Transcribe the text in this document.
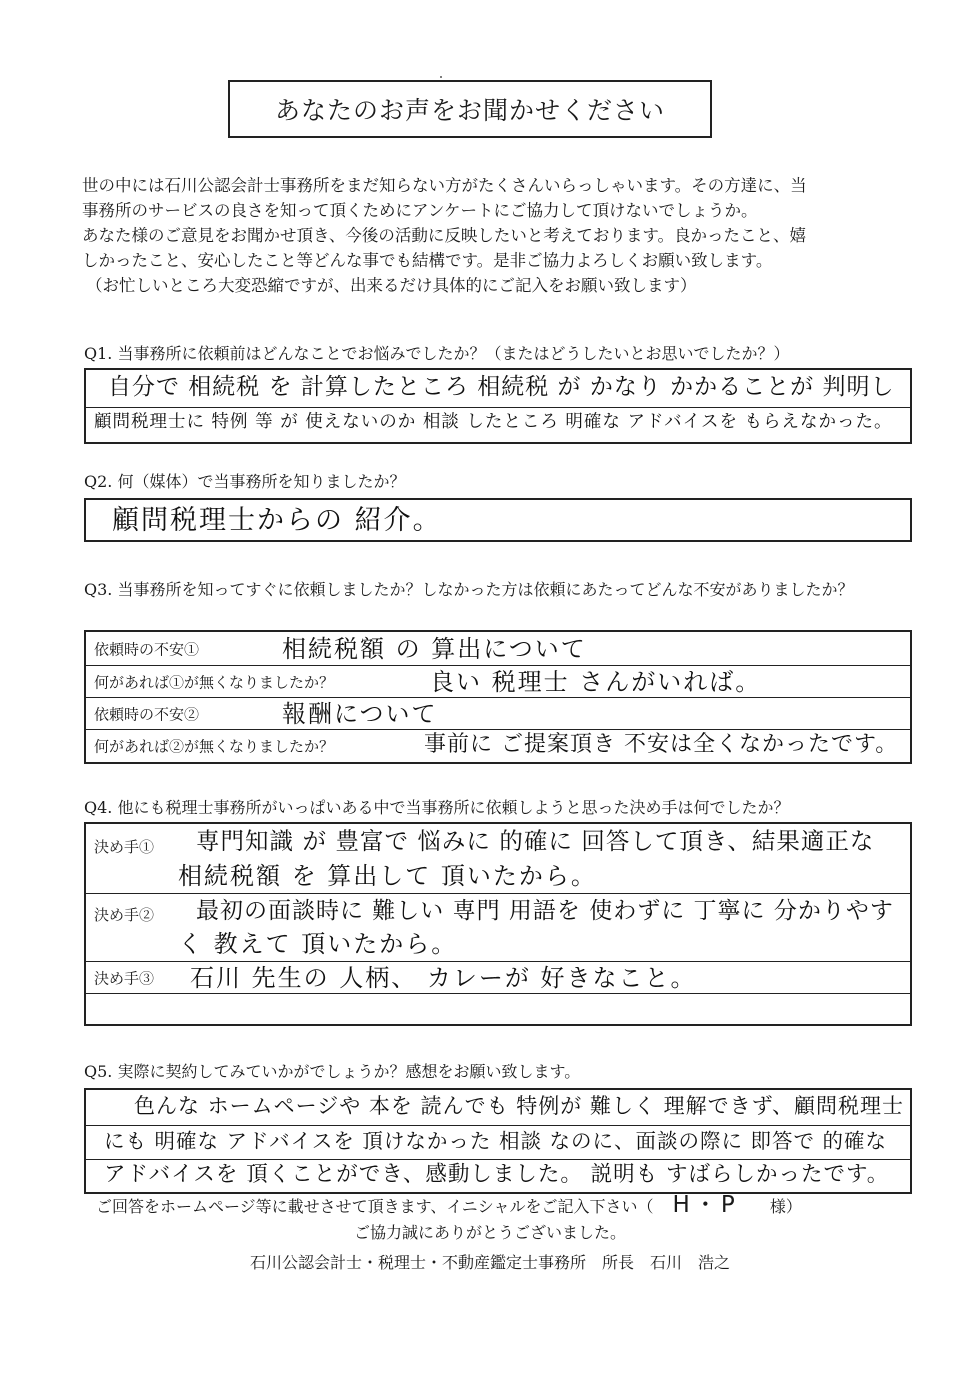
あなたのお声をお聞かせください

世の中には石川公認会計士事務所をまだ知らない方がたくさんいらっしゃいます。その方達に、当

事務所のサービスの良さを知って頂くためにアンケートにご協力して頂けないでしょうか。

あなた様のご意見をお聞かせ頂き、今後の活動に反映したいと考えております。良かったこと、嬉

しかったこと、安心したこと等どんな事でも結構です。是非ご協力よろしくお願い致します。

（お忙しいところ大変恐縮ですが、出来るだけ具体的にご記入をお願い致します）

Q1. 当事務所に依頼前はどんなことでお悩みでしたか？（またはどうしたいとお思いでしたか？）
自分で 相続税 を 計算したところ 相続税 が かなり かかることが 判明し
顧問税理士に 特例 等 が 使えないのか 相談 したところ 明確な アドバイスを もらえなかった。
Q2. 何（媒体）で当事務所を知りましたか？
顧問税理士からの 紹介。
Q3. 当事務所を知ってすぐに依頼しましたか？しなかった方は依頼にあたってどんな不安がありましたか？
依頼時の不安①	相続税額 の 算出について
何があれば①が無くなりましたか？	良い 税理士 さんがいれば。
依頼時の不安②	報酬について
何があれば②が無くなりましたか？	事前に ご提案頂き 不安は全くなかったです。
Q4. 他にも税理士事務所がいっぱいある中で当事務所に依頼しようと思った決め手は何でしたか？
決め手① 専門知識 が 豊富で 悩みに 的確に 回答して頂き、結果適正な
相続税額 を 算出して 頂いたから。
決め手② 最初の面談時に 難しい 専門 用語を 使わずに 丁寧に 分かりやす
く 教えて 頂いたから。
決め手③ 石川 先生の 人柄、 カレーが 好きなこと。
Q5. 実際に契約してみていかがでしょうか？感想をお願い致します。
色んな ホームページや 本を 読んでも 特例が 難しく 理解できず、顧問税理士
にも 明確な アドバイスを 頂けなかった 相談 なのに、面談の際に 即答で 的確な
アドバイスを 頂くことができ、感動しました。 説明も すばらしかったです。
ご回答をホームページ等に載せさせて頂きます、イニシャルをご記入下さい（ H・P 様）
ご協力誠にありがとうございました。
石川公認会計士・税理士・不動産鑑定士事務所　所長　石川　浩之
